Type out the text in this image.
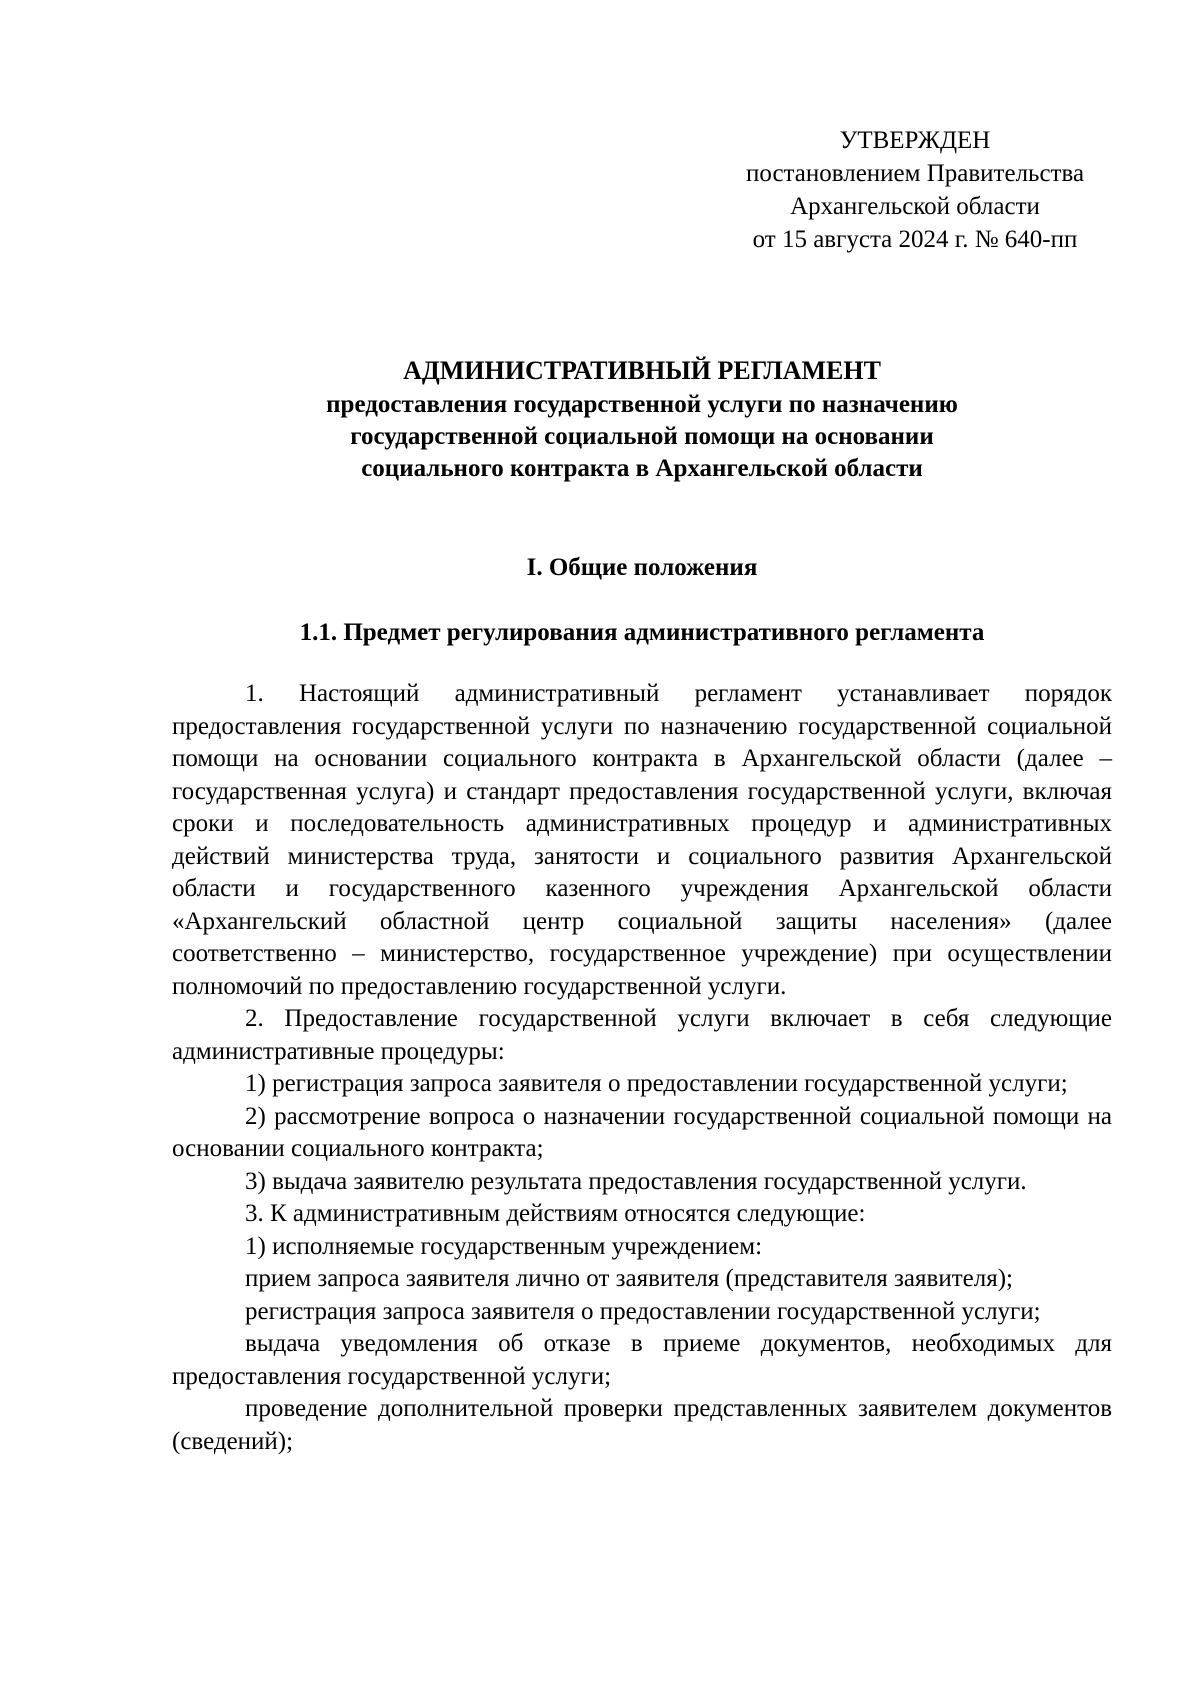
УТВЕРЖДЕН
постановлением Правительства
Архангельской области
от 15 августа 2024 г. № 640-пп
АДМИНИСТРАТИВНЫЙ РЕГЛАМЕНТ
предоставления государственной услуги по назначению
государственной социальной помощи на основании
социального контракта в Архангельской области
I. Общие положения
1.1. Предмет регулирования административного регламента

1. Настоящий административный регламент устанавливает порядок предоставления государственной услуги по назначению государственной социальной помощи на основании социального контракта в Архангельской области (далее – государственная услуга) и стандарт предоставления государственной услуги, включая сроки и последовательность административных процедур и административных действий министерства труда, занятости и социального развития Архангельской области и государственного казенного учреждения Архангельской области «Архангельский областной центр социальной защиты населения» (далее соответственно – министерство, государственное учреждение) при осуществлении полномочий по предоставлению государственной услуги.

2. Предоставление государственной услуги включает в себя следующие административные процедуры:

1) регистрация запроса заявителя о предоставлении государственной услуги;

2) рассмотрение вопроса о назначении государственной социальной помощи на основании социального контракта;

3) выдача заявителю результата предоставления государственной услуги.

3. К административным действиям относятся следующие:

1) исполняемые государственным учреждением:

прием запроса заявителя лично от заявителя (представителя заявителя);

регистрация запроса заявителя о предоставлении государственной услуги;

выдача уведомления об отказе в приеме документов, необходимых для предоставления государственной услуги;

проведение дополнительной проверки представленных заявителем документов (сведений);
